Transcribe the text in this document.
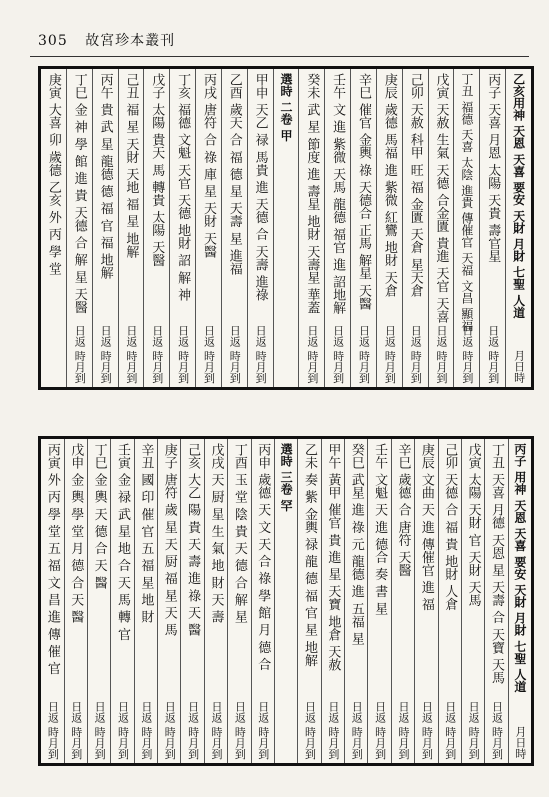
305 故宮珍本叢刊
乙亥用神 天恩 天喜 要安 天財 月財 七聖 人道
月日時
丙子 天喜 月恩 太陽 天貴 壽官星
日返 時月到
丁丑 福德 天喜 太陰 進貴 傳催官 天福 文昌 顯福
日返 時月到
戊寅 天赦 生氣 天德 合金匱 貴進 天官 天喜
日返 時月到
己卯 天赦 科甲 旺 福 金匱 天倉 星天倉
日返 時月到
庚辰 歲德 馬福 進 紫微 紅鸞 地財 天倉
日返 時月到
辛巳 催官 金輿 祿 天德合 正馬 解星 天醫
日返 時月到
壬午 文 進 紫微 天馬 龍德 福官 進 詔地解
日返 時月到
癸未 武 星 節度 進 壽星 地財 天壽星 華蓋
日返 時月到
選時 二卷 甲
甲申 天乙 禄 馬貴 進 天德 合 天壽 進祿
日返 時月到
乙酉 歲天 合 福 德 星 天壽 星 進福
日返 時月到
丙戌 唐符 合 祿 庫 星 天財 天醫
日返 時月到
丁亥 福德 文魁 天官 天德 地財 詔 解 神
日返 時月到
戊子 太陽 貴天 馬 轉貴 太陽 天醫
日返 時月到
己丑 福 星 天財 天地 福 星 地解
日返 時月到
丙午 貴 武 星 龍德 德 福 官 福 地解
日返 時月到
丁巳 金 神 學 館 進 貴 天德 合 解 星 天醫
日返 時月到
庚寅 大喜 卯 歲德 乙亥 外 丙 學 堂
丙子 用神 天恩 天喜 要安 天財 月財 七聖 人道
月日時
丁丑 天喜 月德 天恩 星 天壽 合 天寶 天馬
日返 時月到
戊寅 太陽 天財 官 天財 天馬
日返 時月到
己卯 天德 合 福 貴 地財 人倉
日返 時月到
庚辰 文曲 天 進 傳催官 進 福
日返 時月到
辛巳 歲德 合 唐符 天醫
日返 時月到
壬午 文魁 天 進 德合 奏 書 星
日返 時月到
癸巳 武星 進 祿 元 龍德 進 五福 星
日返 時月到
甲午 黃甲 催官 貴 進 星 天寶 地倉 天赦
日返 時月到
乙未 奏 紫 金輿 禄 龍 德 福 官 星 地解
日返 時月到
選時 三卷 罕
丙申 歲德 天 文 天 合 祿 學 館 月 德 合
日返 時月到
丁酉 玉 堂 陰 貴 天 德 合 解 星
日返 時月到
戊戌 天 厨 星 生 氣 地 財 天 壽
日返 時月到
己亥 大乙 陽 貴 天 壽 進 祿 天 醫
日返 時月到
庚子 唐符 歲 星 天 厨 福 星 天 馬
日返 時月到
辛丑 國 印 催 官 五 福 星 地 財
日返 時月到
壬寅 金 禄 武 星 地 合 天 馬 轉 官
日返 時月到
丁巳 金 輿 天 德 合 天 醫
日返 時月到
戊申 金 輿 學 堂 月 德 合 天 醫
日返 時月到
丙寅 外 丙 學 堂 五 福 文 昌 進 傳 催 官
日返 時月到
